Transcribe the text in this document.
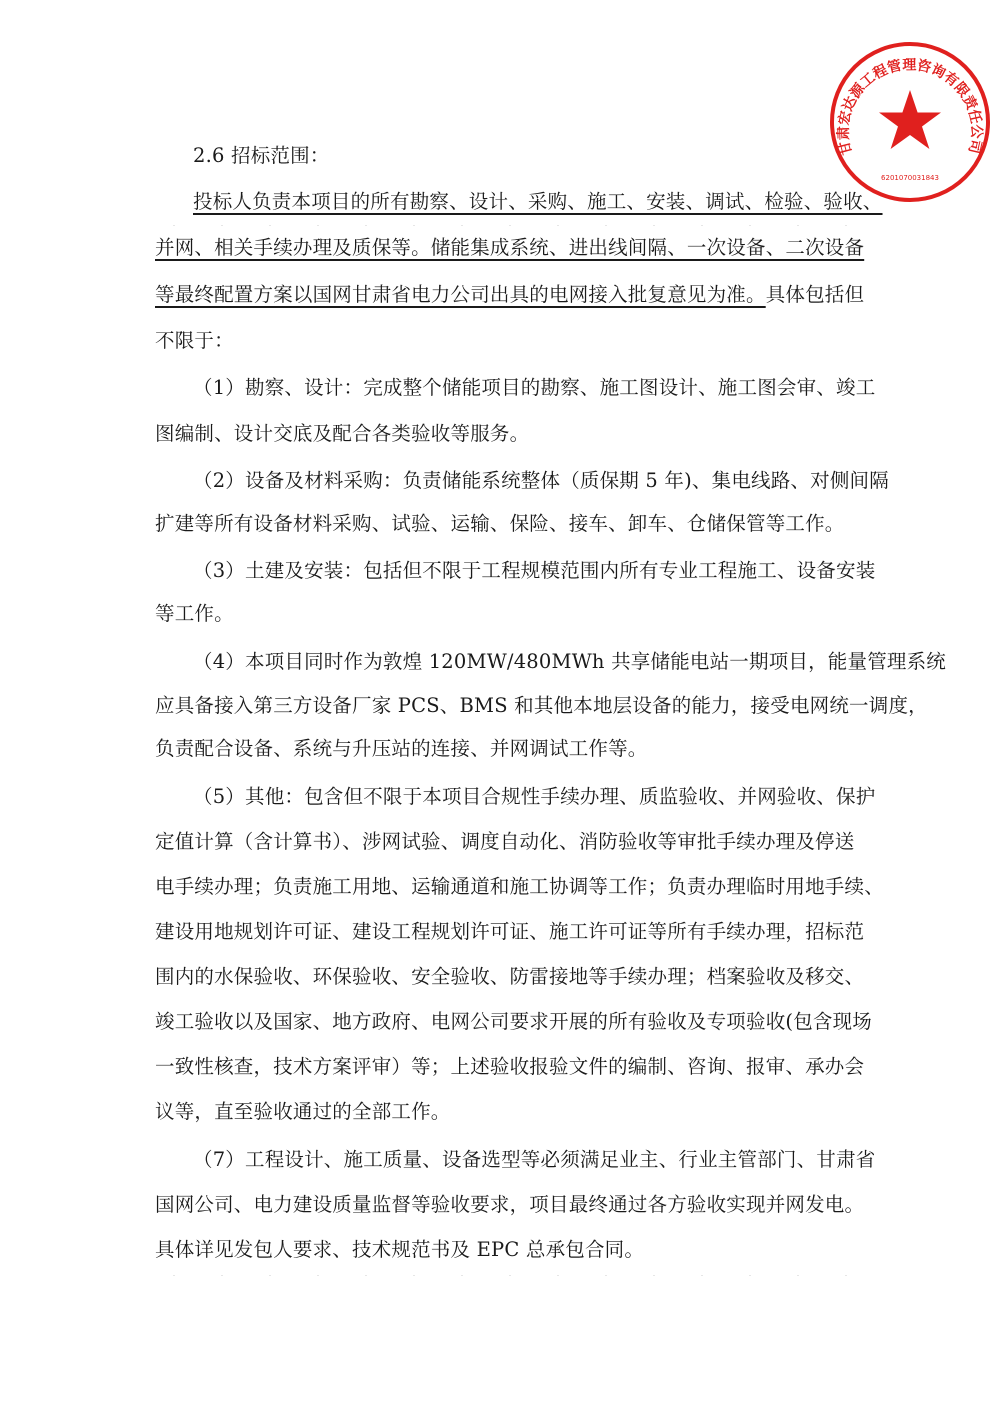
甘肃宏达源工程管理咨询有限责任公司
6201070031843
2.6 招标范围：
投标人负责本项目的所有勘察、设计、采购、施工、安装、调试、检验、验收、
并网、相关手续办理及质保等。储能集成系统、进出线间隔、一次设备、二次设备
等最终配置方案以国网甘肃省电力公司出具的电网接入批复意见为准。具体包括但
不限于：
（1）勘察、设计：完成整个储能项目的勘察、施工图设计、施工图会审、竣工
图编制、设计交底及配合各类验收等服务。
（2）设备及材料采购：负责储能系统整体（质保期 5 年)、集电线路、对侧间隔
扩建等所有设备材料采购、试验、运输、保险、接车、卸车、仓储保管等工作。
（3）土建及安装：包括但不限于工程规模范围内所有专业工程施工、设备安装
等工作。
（4）本项目同时作为敦煌 120MW/480MWh 共享储能电站一期项目，能量管理系统
应具备接入第三方设备厂家 PCS、BMS 和其他本地层设备的能力，接受电网统一调度，
负责配合设备、系统与升压站的连接、并网调试工作等。
（5）其他：包含但不限于本项目合规性手续办理、质监验收、并网验收、保护
定值计算（含计算书）、涉网试验、调度自动化、消防验收等审批手续办理及停送
电手续办理；负责施工用地、运输通道和施工协调等工作；负责办理临时用地手续、
建设用地规划许可证、建设工程规划许可证、施工许可证等所有手续办理，招标范
围内的水保验收、环保验收、安全验收、防雷接地等手续办理；档案验收及移交、
竣工验收以及国家、地方政府、电网公司要求开展的所有验收及专项验收(包含现场
一致性核查，技术方案评审）等；上述验收报验文件的编制、咨询、报审、承办会
议等，直至验收通过的全部工作。
（7）工程设计、施工质量、设备选型等必须满足业主、行业主管部门、甘肃省
国网公司、电力建设质量监督等验收要求，项目最终通过各方验收实现并网发电。
具体详见发包人要求、技术规范书及 EPC 总承包合同。
